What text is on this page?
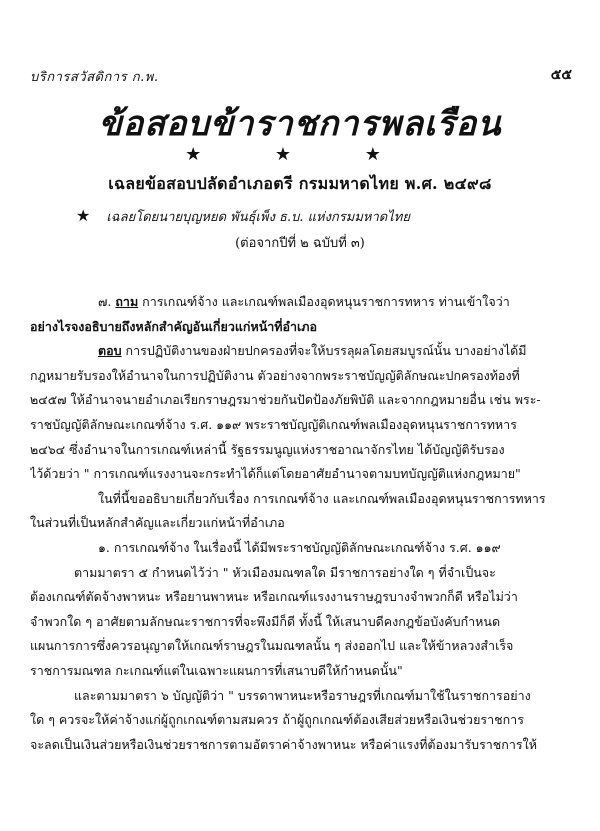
บริการสวัสดิการ ก.พ.	๕๕
ข้อสอบข้าราชการพลเรือน
★ ★ ★
เฉลยข้อสอบปลัดอำเภอตรี กรมมหาดไทย พ.ศ. ๒๔๙๘
★ เฉลยโดยนายบุญหยด พันธุ์เพ็ง ธ.บ. แห่งกรมมหาดไทย
(ต่อจากปีที่ ๒ ฉบับที่ ๓)
๗. ถาม การเกณฑ์จ้าง และเกณฑ์พลเมืองอุดหนุนราชการทหาร ท่านเข้าใจว่า
อย่างไรจงอธิบายถึงหลักสำคัญอันเกี่ยวแก่หน้าที่อำเภอ
ตอบ การปฏิบัติงานของฝ่ายปกครองที่จะให้บรรลุผลโดยสมบูรณ์นั้น บางอย่างได้มี
กฎหมายรับรองให้อำนาจในการปฏิบัติงาน ตัวอย่างจากพระราชบัญญัติลักษณะปกครองท้องที่
๒๔๕๗ ให้อำนาจนายอำเภอเรียกราษฎรมาช่วยกันปัดป้องภัยพิบัติ และจากกฎหมายอื่น เช่น พระ-
ราชบัญญัติลักษณะเกณฑ์จ้าง ร.ศ. ๑๑๙ พระราชบัญญัติเกณฑ์พลเมืองอุดหนุนราชการทหาร
๒๔๖๔ ซึ่งอำนาจในการเกณฑ์เหล่านี้ รัฐธรรมนูญแห่งราชอาณาจักรไทย ได้บัญญัติรับรอง
ไว้ด้วยว่า " การเกณฑ์แรงงานจะกระทำได้ก็แต่โดยอาศัยอำนาจตามบทบัญญัติแห่งกฎหมาย"
ในที่นี้ขออธิบายเกี่ยวกับเรื่อง การเกณฑ์จ้าง และเกณฑ์พลเมืองอุดหนุนราชการทหาร
ในส่วนที่เป็นหลักสำคัญและเกี่ยวแก่หน้าที่อำเภอ
๑. การเกณฑ์จ้าง ในเรื่องนี้ ได้มีพระราชบัญญัติลักษณะเกณฑ์จ้าง ร.ศ. ๑๑๙
ตามมาตรา ๕ กำหนดไว้ว่า " หัวเมืองมณฑลใด มีราชการอย่างใด ๆ ที่จำเป็นจะ
ต้องเกณฑ์ตัดจ้างพาหนะ หรือยานพาหนะ หรือเกณฑ์แรงงานราษฎรบางจำพวกก็ดี หรือไม่ว่า
จำพวกใด ๆ อาศัยตามลักษณะราชการที่จะพึงมีก็ดี ทั้งนี้ ให้เสนาบดีคงกฎข้อบังคับกำหนด
แผนการการซึ่งควรอนุญาตให้เกณฑ์ราษฎรในมณฑลนั้น ๆ ส่งออกไป และให้ข้าหลวงสำเร็จ
ราชการมณฑล กะเกณฑ์แต่ในเฉพาะแผนการที่เสนาบดีให้กำหนดนั้น"
และตามมาตรา ๖ บัญญัติว่า " บรรดาพาหนะหรือราษฎรที่เกณฑ์มาใช้ในราชการอย่าง
ใด ๆ ควรจะให้ค่าจ้างแก่ผู้ถูกเกณฑ์ตามสมควร ถ้าผู้ถูกเกณฑ์ต้องเสียส่วยหรือเงินช่วยราชการ
จะลดเป็นเงินส่วยหรือเงินช่วยราชการตามอัตราค่าจ้างพาหนะ หรือค่าแรงที่ต้องมารับราชการให้
